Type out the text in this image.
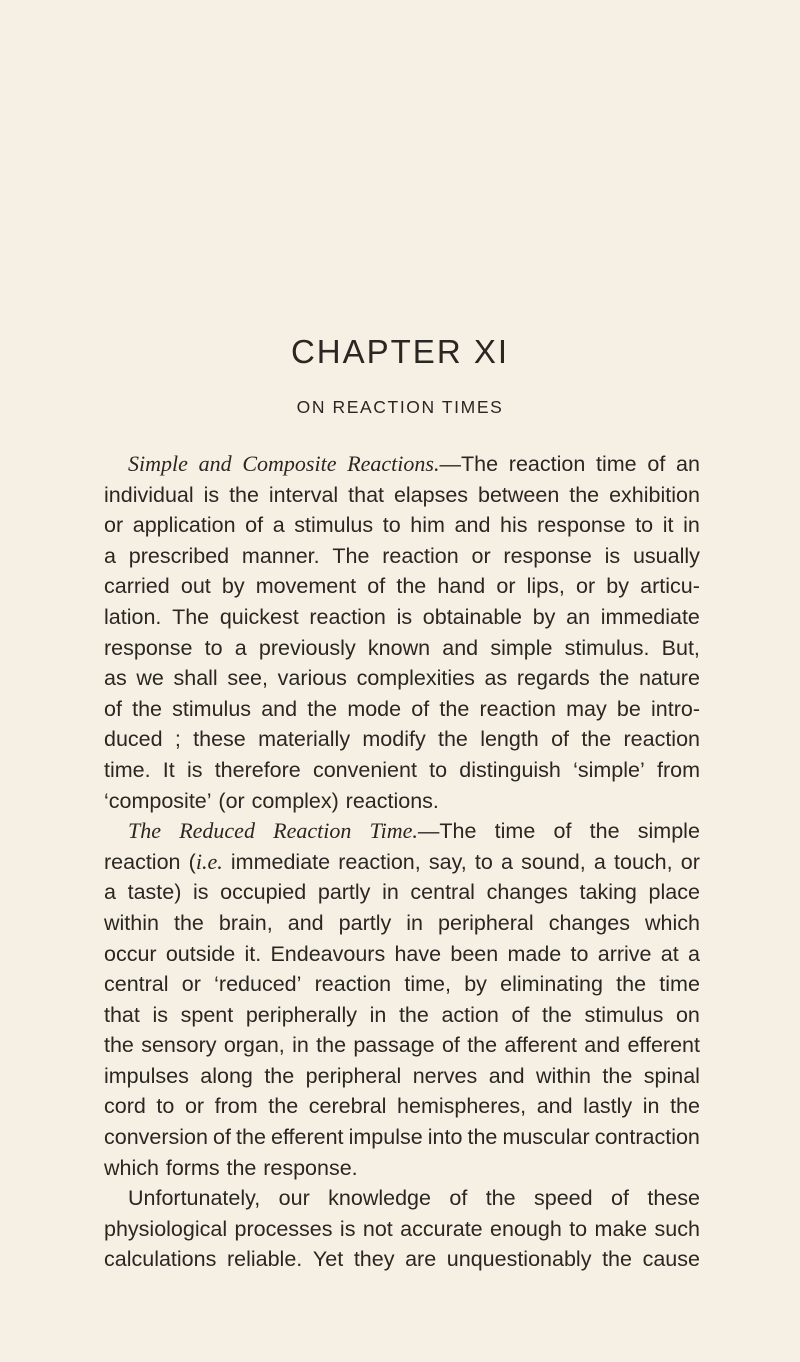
CHAPTER XI
ON REACTION TIMES
Simple and Composite Reactions.—The reaction time of an
individual is the interval that elapses between the exhibition
or application of a stimulus to him and his response to it in
a prescribed manner. The reaction or response is usually
carried out by movement of the hand or lips, or by articu-
lation. The quickest reaction is obtainable by an immediate
response to a previously known and simple stimulus. But,
as we shall see, various complexities as regards the nature
of the stimulus and the mode of the reaction may be intro-
duced ; these materially modify the length of the reaction
time. It is therefore convenient to distinguish ‘simple’ from
‘composite’ (or complex) reactions.
The Reduced Reaction Time.—The time of the simple
reaction (i.e. immediate reaction, say, to a sound, a touch, or
a taste) is occupied partly in central changes taking place
within the brain, and partly in peripheral changes which
occur outside it. Endeavours have been made to arrive at a
central or ‘reduced’ reaction time, by eliminating the time
that is spent peripherally in the action of the stimulus on
the sensory organ, in the passage of the afferent and efferent
impulses along the peripheral nerves and within the spinal
cord to or from the cerebral hemispheres, and lastly in the
conversion of the efferent impulse into the muscular contraction
which forms the response.
Unfortunately, our knowledge of the speed of these
physiological processes is not accurate enough to make such
calculations reliable. Yet they are unquestionably the cause
